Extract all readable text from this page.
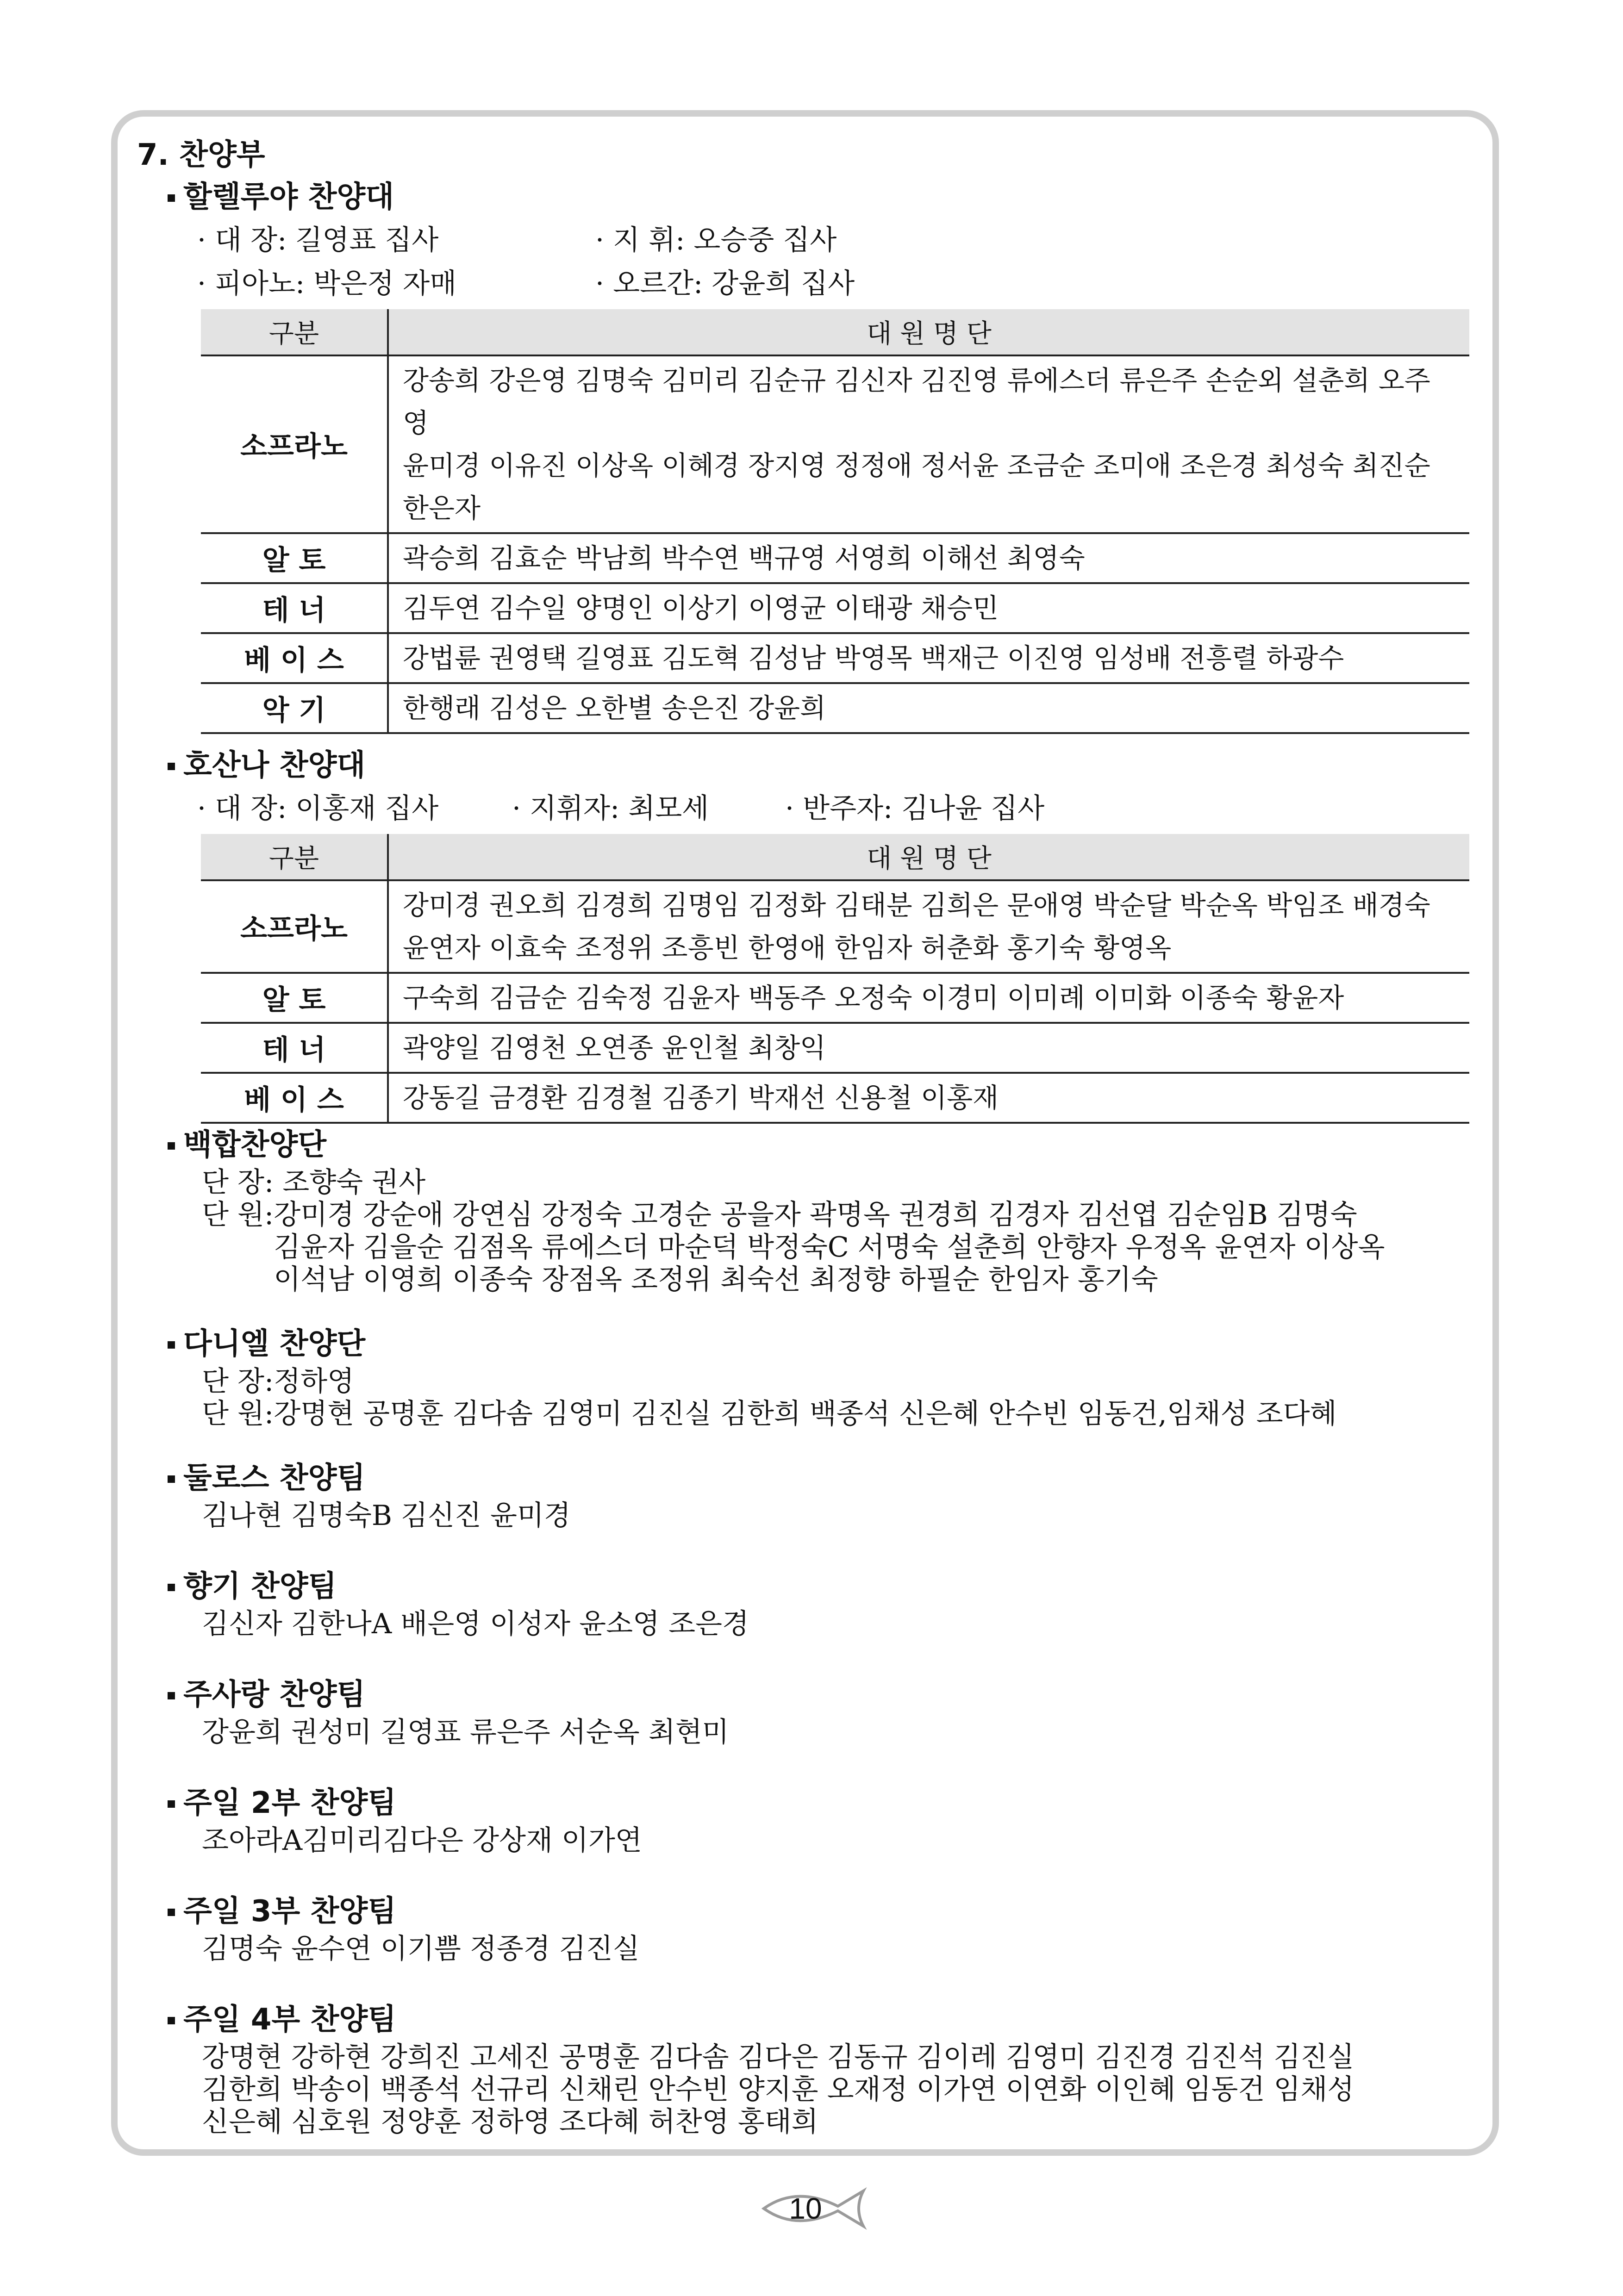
7. 찬양부
할렐루야 찬양대
· 대 장: 길영표 집사	· 지 휘: 오승중 집사
· 피아노: 박은정 자매	· 오르간: 강윤희 집사
구분	대 원 명 단
소프라노	강송희 강은영 김명숙 김미리 김순규 김신자 김진영 류에스더 류은주 손순외 설춘희 오주영
윤미경 이유진 이상옥 이혜경 장지영 정정애 정서윤 조금순 조미애 조은경 최성숙 최진순
한은자

알 토	곽승희 김효순 박남희 박수연 백규영 서영희 이해선 최영숙

테 너	김두연 김수일 양명인 이상기 이영균 이태광 채승민

베 이 스	강법륜 권영택 길영표 김도혁 김성남 박영목 백재근 이진영 임성배 전흥렬 하광수

악 기	한행래 김성은 오한별 송은진 강윤희
호산나 찬양대
· 대 장: 이홍재 집사	· 지휘자: 최모세	· 반주자: 김나윤 집사
구분	대 원 명 단
소프라노	강미경 권오희 김경희 김명임 김정화 김태분 김희은 문애영 박순달 박순옥 박임조 배경숙
윤연자 이효숙 조정위 조흥빈 한영애 한임자 허춘화 홍기숙 황영옥

알 토	구숙희 김금순 김숙정 김윤자 백동주 오정숙 이경미 이미례 이미화 이종숙 황윤자

테 너	곽양일 김영천 오연종 윤인철 최창익

베 이 스	강동길 금경환 김경철 김종기 박재선 신용철 이홍재
백합찬양단
단 장: 조향숙 권사
단 원: 강미경 강순애 강연심 강정숙 고경순 공을자 곽명옥 권경희 김경자 김선엽 김순임B 김명숙
김윤자 김을순 김점옥 류에스더 마순덕 박정숙C 서명숙 설춘희 안향자 우정옥 윤연자 이상옥
이석남 이영희 이종숙 장점옥 조정위 최숙선 최정향 하필순 한임자 홍기숙
다니엘 찬양단
단 장:정하영
단 원:강명현 공명훈 김다솜 김영미 김진실 김한희 백종석 신은혜 안수빈 임동건,임채성 조다혜
둘로스 찬양팀
김나현 김명숙B 김신진 윤미경
향기 찬양팀
김신자 김한나A 배은영 이성자 윤소영 조은경
주사랑 찬양팀
강윤희 권성미 길영표 류은주 서순옥 최현미
주일 2부 찬양팀
조아라A김미리김다은 강상재 이가연
주일 3부 찬양팀
김명숙 윤수연 이기쁨 정종경 김진실
주일 4부 찬양팀
강명현 강하현 강희진 고세진 공명훈 김다솜 김다은 김동규 김이레 김영미 김진경 김진석 김진실
김한희 박송이 백종석 선규리 신채린 안수빈 양지훈 오재정 이가연 이연화 이인혜 임동건 임채성
신은혜 심호원 정양훈 정하영 조다혜 허찬영 홍태희
10
